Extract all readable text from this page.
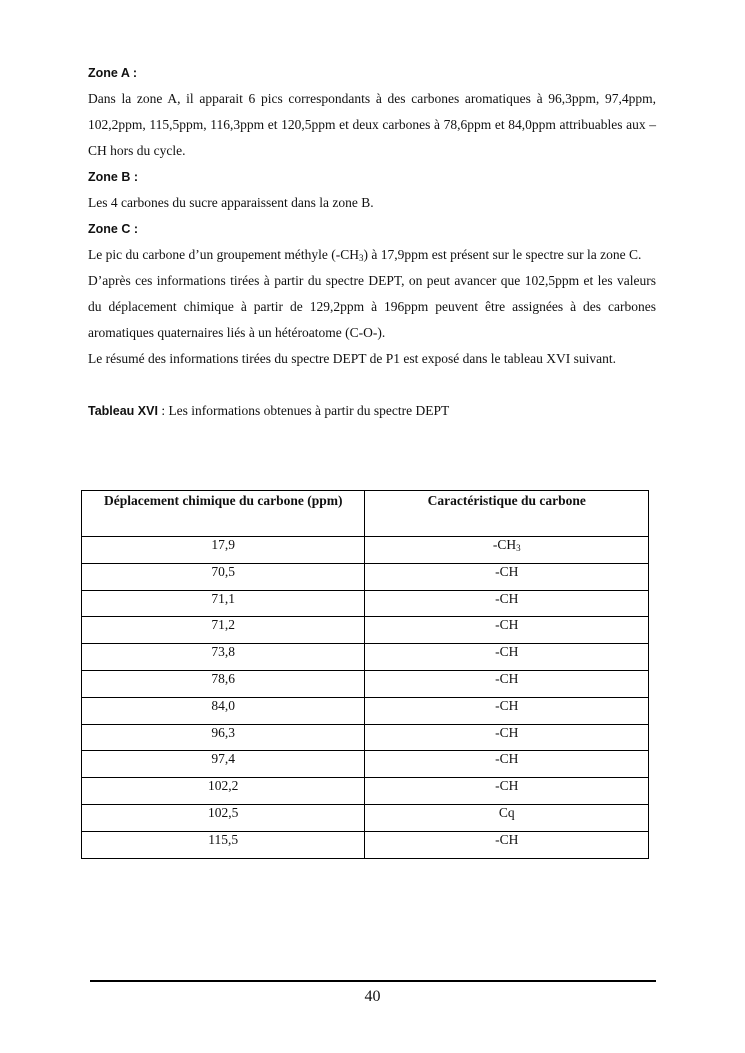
Zone A :

Dans la zone A, il apparait 6 pics correspondants à des carbones aromatiques à 96,3ppm, 97,4ppm, 102,2ppm, 115,5ppm, 116,3ppm et 120,5ppm et deux carbones à 78,6ppm et 84,0ppm attribuables aux –CH hors du cycle.

Zone B :

Les 4 carbones du sucre apparaissent dans la zone B.

Zone C :

Le pic du carbone d’un groupement méthyle $(-CH_3)$ à 17,9ppm est présent sur le spectre sur la zone C.

D’après ces informations tirées à partir du spectre DEPT, on peut avancer que 102,5ppm et les valeurs du déplacement chimique à partir de 129,2ppm à 196ppm peuvent être assignées à des carbones aromatiques quaternaires liés à un hétéroatome (C-O-).

Le résumé des informations tirées du spectre DEPT de P1 est exposé dans le tableau XVI suivant.

Tableau XVI : Les informations obtenues à partir du spectre DEPT

Déplacement chimique du carbone (ppm)	Caractéristique du carbone
17,9	$-CH_3$
70,5	-CH
71,1	-CH
71,2	-CH
73,8	-CH
78,6	-CH
84,0	-CH
96,3	-CH
97,4	-CH
102,2	-CH
102,5	Cq
115,5	-CH
40
